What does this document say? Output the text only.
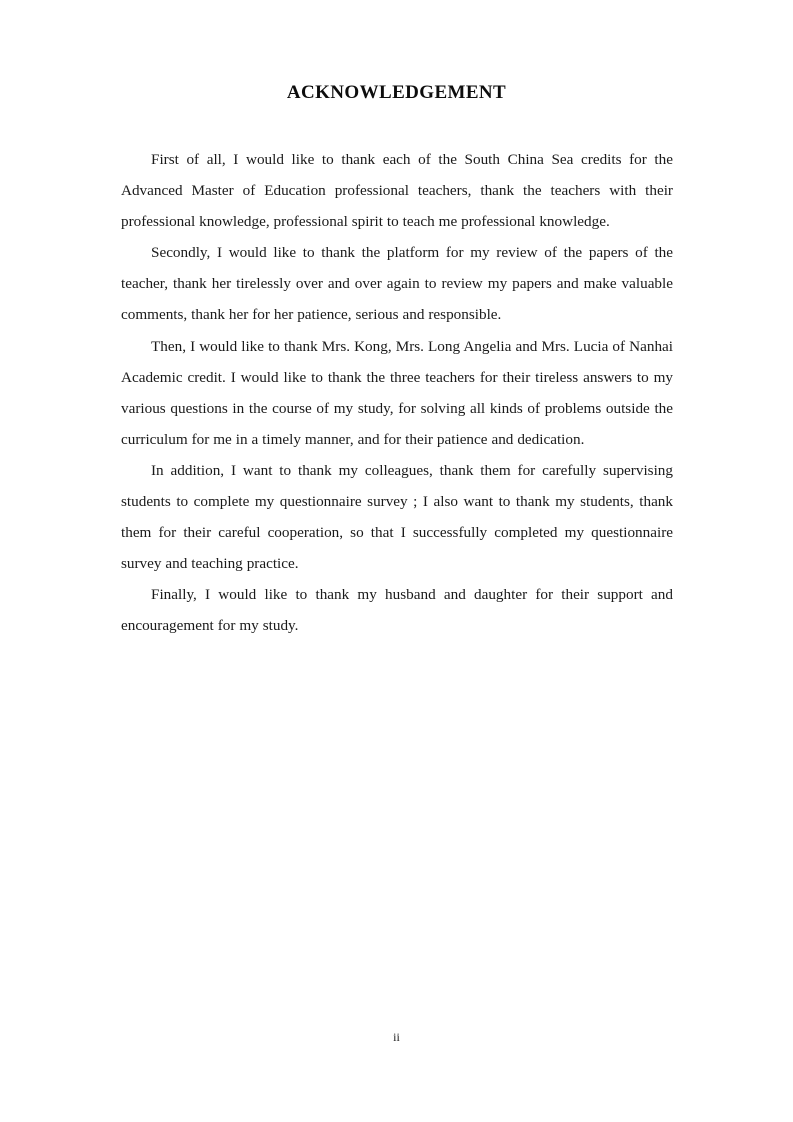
ACKNOWLEDGEMENT

First of all, I would like to thank each of the South China Sea credits for the Advanced Master of Education professional teachers, thank the teachers with their professional knowledge, professional spirit to teach me professional knowledge.

Secondly, I would like to thank the platform for my review of the papers of the teacher, thank her tirelessly over and over again to review my papers and make valuable comments, thank her for her patience, serious and responsible.

Then, I would like to thank Mrs. Kong, Mrs. Long Angelia and Mrs. Lucia of Nanhai Academic credit. I would like to thank the three teachers for their tireless answers to my various questions in the course of my study, for solving all kinds of problems outside the curriculum for me in a timely manner, and for their patience and dedication.

In addition, I want to thank my colleagues, thank them for carefully supervising students to complete my questionnaire survey ; I also want to thank my students, thank them for their careful cooperation, so that I successfully completed my questionnaire survey and teaching practice.

Finally, I would like to thank my husband and daughter for their support and encouragement for my study.

ii
